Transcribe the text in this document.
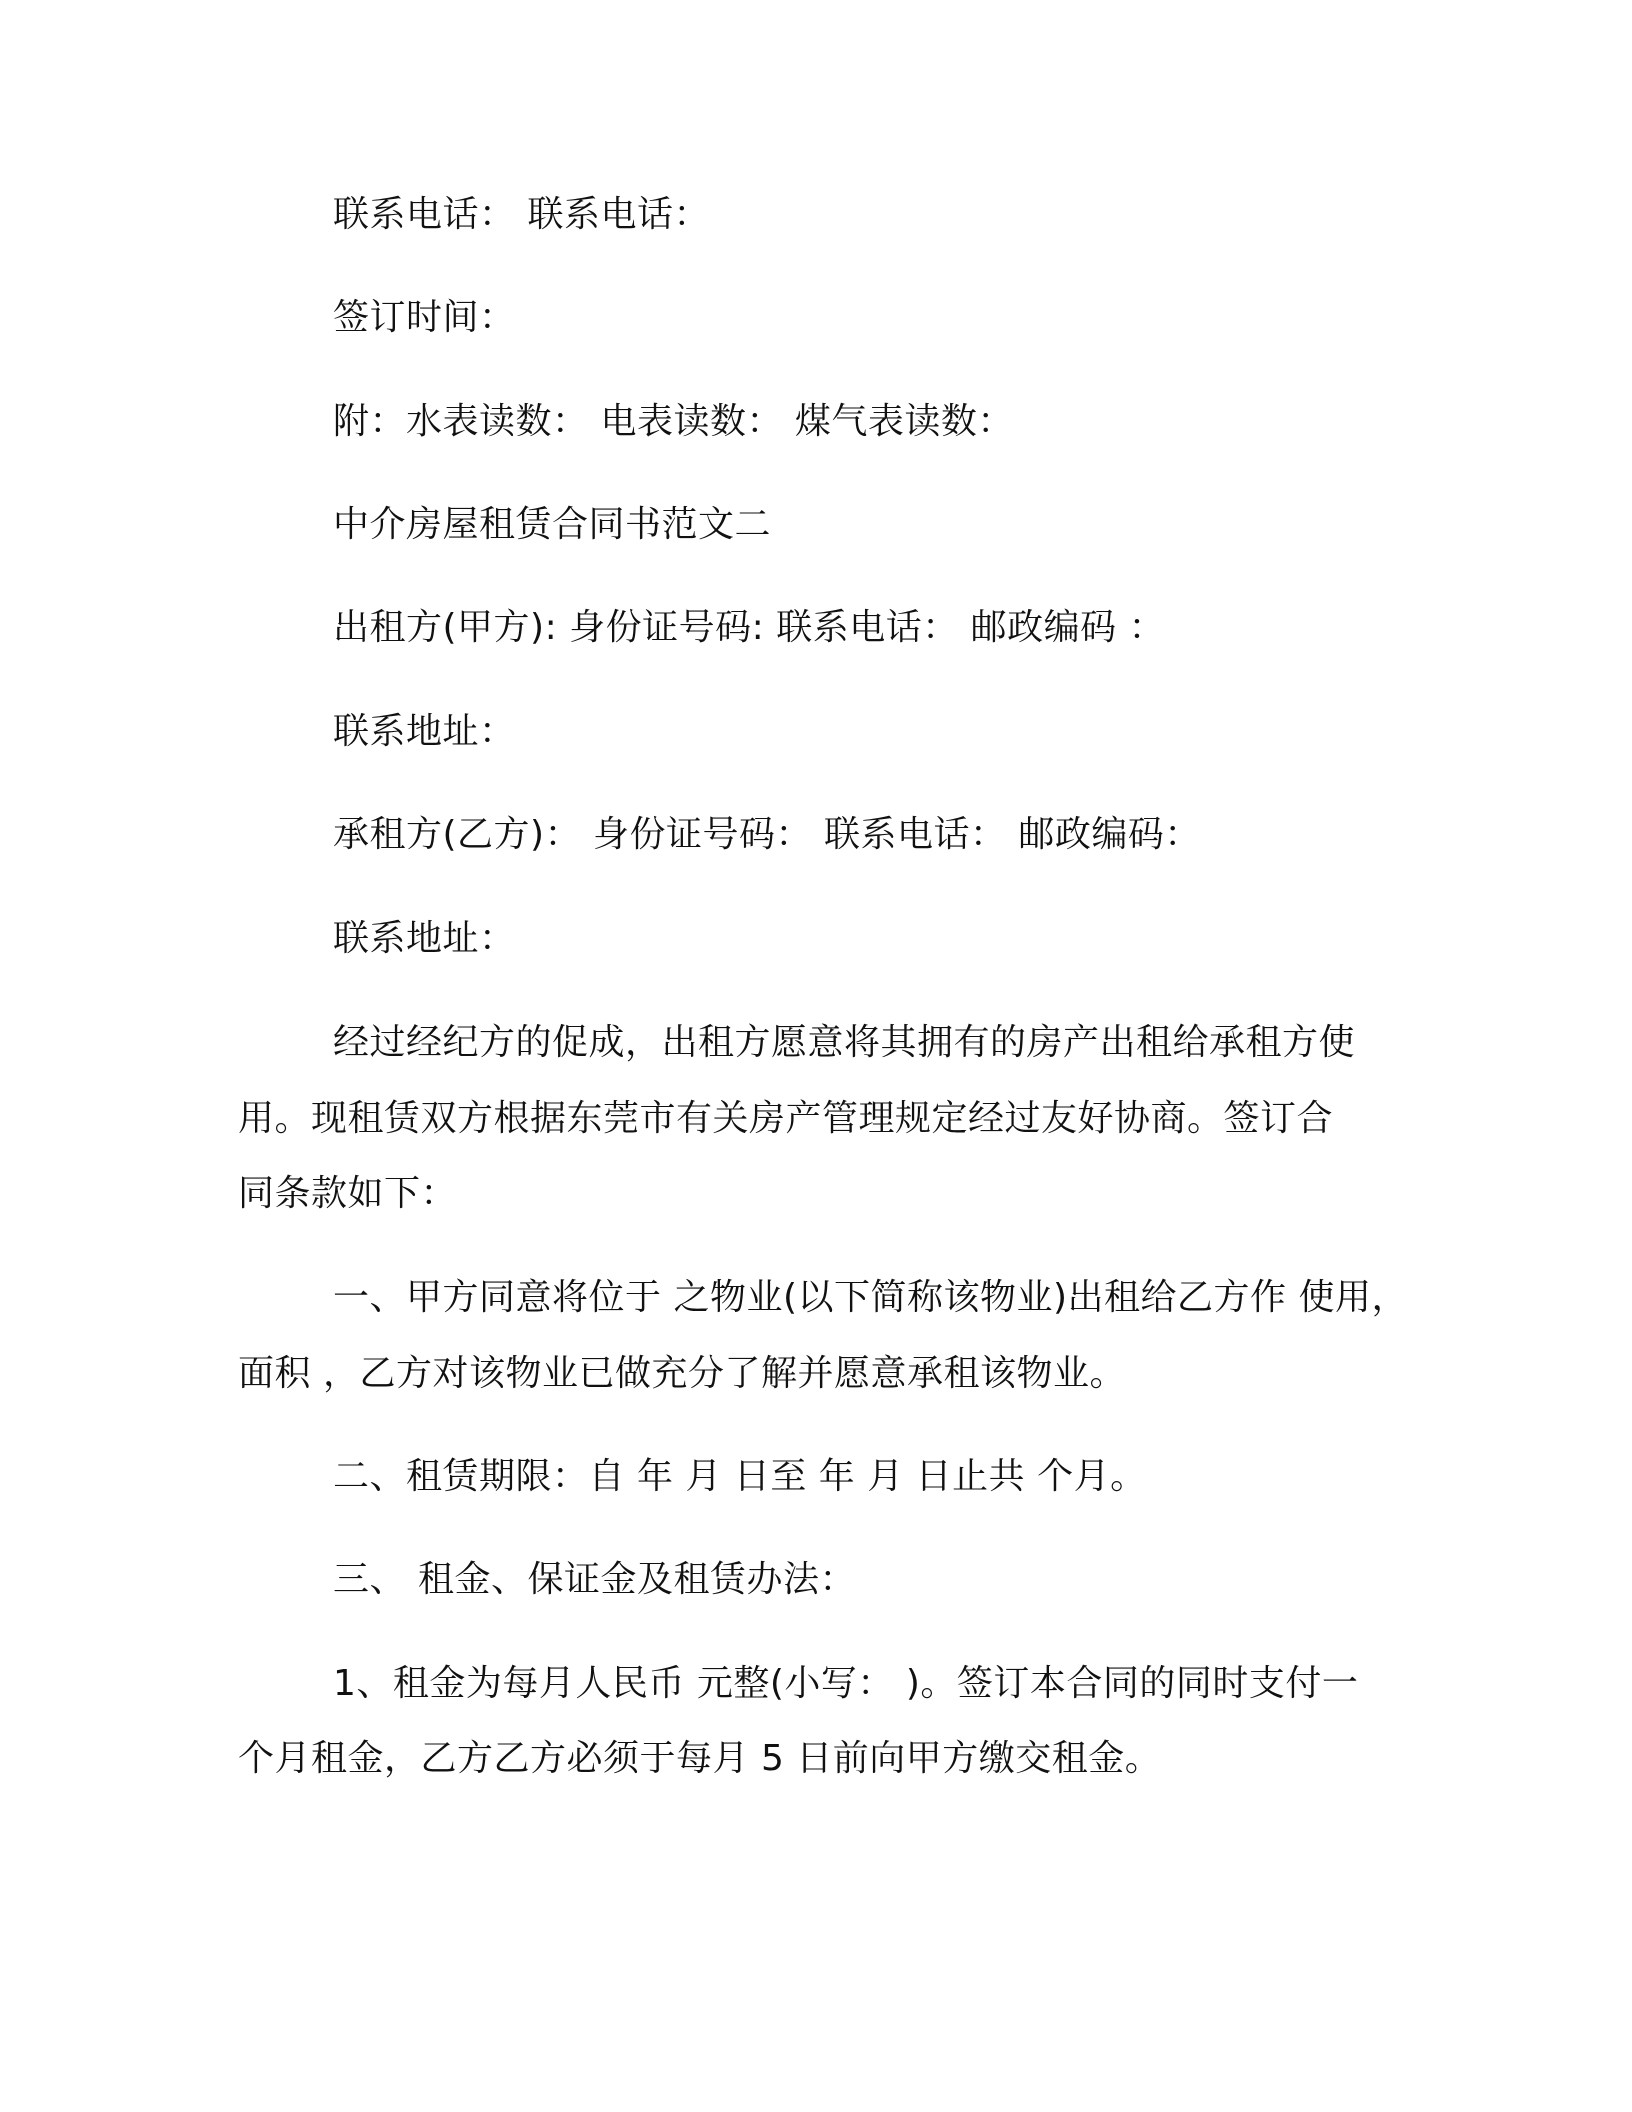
联系电话： 联系电话：

签订时间：

附：水表读数： 电表读数： 煤气表读数：

中介房屋租赁合同书范文二

出租方(甲方): 身份证号码: 联系电话： 邮政编码 ：

联系地址：

承租方(乙方)： 身份证号码： 联系电话： 邮政编码：

联系地址：

经过经纪方的促成，出租方愿意将其拥有的房产出租给承租方使

用。现租赁双方根据东莞市有关房产管理规定经过友好协商。签订合

同条款如下：

一、甲方同意将位于 之物业(以下简称该物业)出租给乙方作 使用，

面积 ，乙方对该物业已做充分了解并愿意承租该物业。

二、租赁期限：自 年 月 日至 年 月 日止共 个月。

三、 租金、保证金及租赁办法：

1、租金为每月人民币 元整(小写： )。签订本合同的同时支付一

个月租金，乙方乙方必须于每月 5 日前向甲方缴交租金。
